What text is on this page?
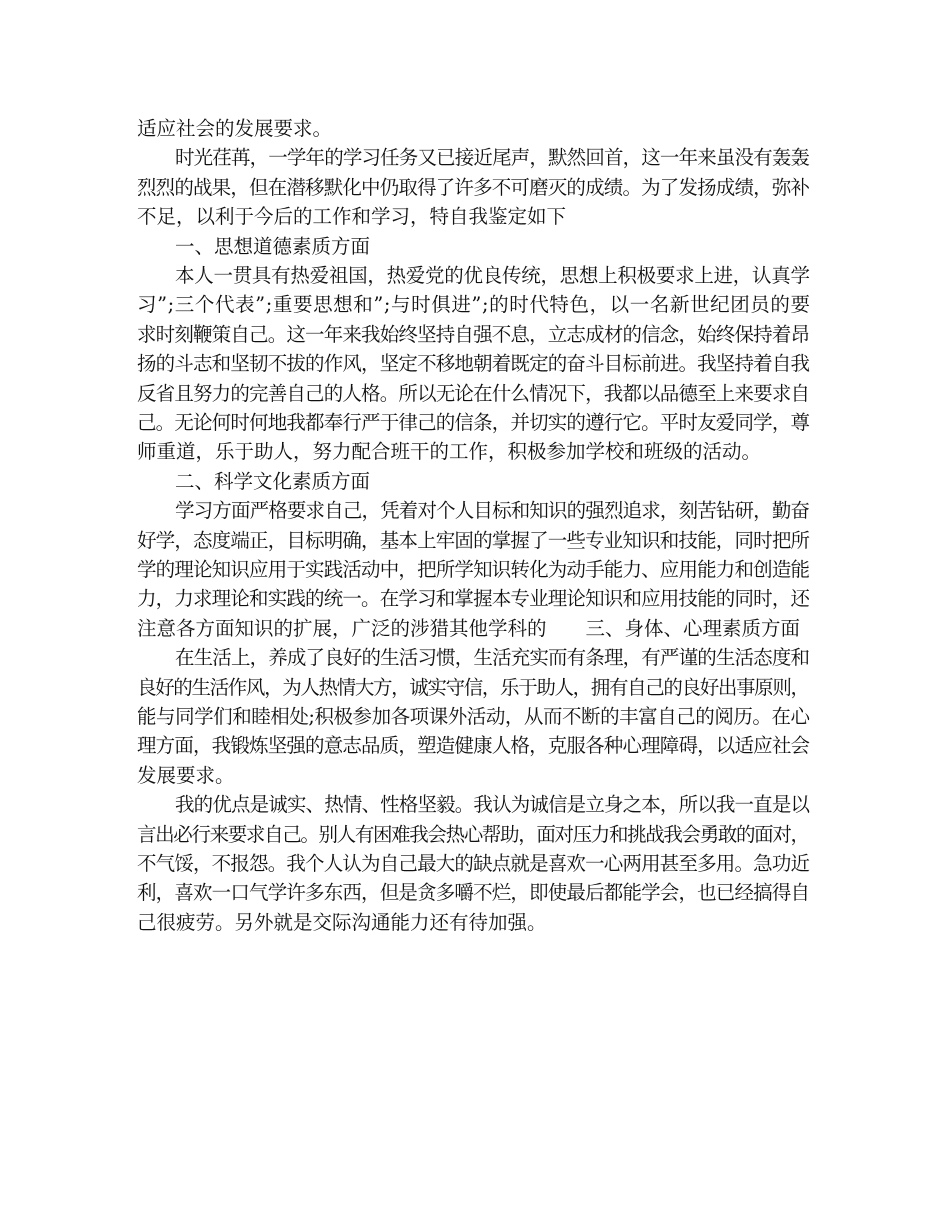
适应社会的发展要求。
时光荏苒，一学年的学习任务又已接近尾声，默然回首，这一年来虽没有轰轰
烈烈的战果，但在潜移默化中仍取得了许多不可磨灭的成绩。为了发扬成绩，弥补
不足，以利于今后的工作和学习，特自我鉴定如下
一、思想道德素质方面
本人一贯具有热爱祖国，热爱党的优良传统，思想上积极要求上进，认真学
习”;三个代表”;重要思想和”;与时俱进”;的时代特色，以一名新世纪团员的要
求时刻鞭策自己。这一年来我始终坚持自强不息，立志成材的信念，始终保持着昂
扬的斗志和坚韧不拔的作风，坚定不移地朝着既定的奋斗目标前进。我坚持着自我
反省且努力的完善自己的人格。所以无论在什么情况下，我都以品德至上来要求自
己。无论何时何地我都奉行严于律己的信条，并切实的遵行它。平时友爱同学，尊
师重道，乐于助人，努力配合班干的工作，积极参加学校和班级的活动。
二、科学文化素质方面
学习方面严格要求自己，凭着对个人目标和知识的强烈追求，刻苦钻研，勤奋
好学，态度端正，目标明确，基本上牢固的掌握了一些专业知识和技能，同时把所
学的理论知识应用于实践活动中，把所学知识转化为动手能力、应用能力和创造能
力，力求理论和实践的统一。在学习和掌握本专业理论知识和应用技能的同时，还
注意各方面知识的扩展，广泛的涉猎其他学科的　　三、身体、心理素质方面
在生活上，养成了良好的生活习惯，生活充实而有条理，有严谨的生活态度和
良好的生活作风，为人热情大方，诚实守信，乐于助人，拥有自己的良好出事原则，
能与同学们和睦相处;积极参加各项课外活动，从而不断的丰富自己的阅历。在心
理方面，我锻炼坚强的意志品质，塑造健康人格，克服各种心理障碍，以适应社会
发展要求。
我的优点是诚实、热情、性格坚毅。我认为诚信是立身之本，所以我一直是以
言出必行来要求自己。别人有困难我会热心帮助，面对压力和挑战我会勇敢的面对，
不气馁，不报怨。我个人认为自己最大的缺点就是喜欢一心两用甚至多用。急功近
利，喜欢一口气学许多东西，但是贪多嚼不烂，即使最后都能学会，也已经搞得自
己很疲劳。另外就是交际沟通能力还有待加强。
